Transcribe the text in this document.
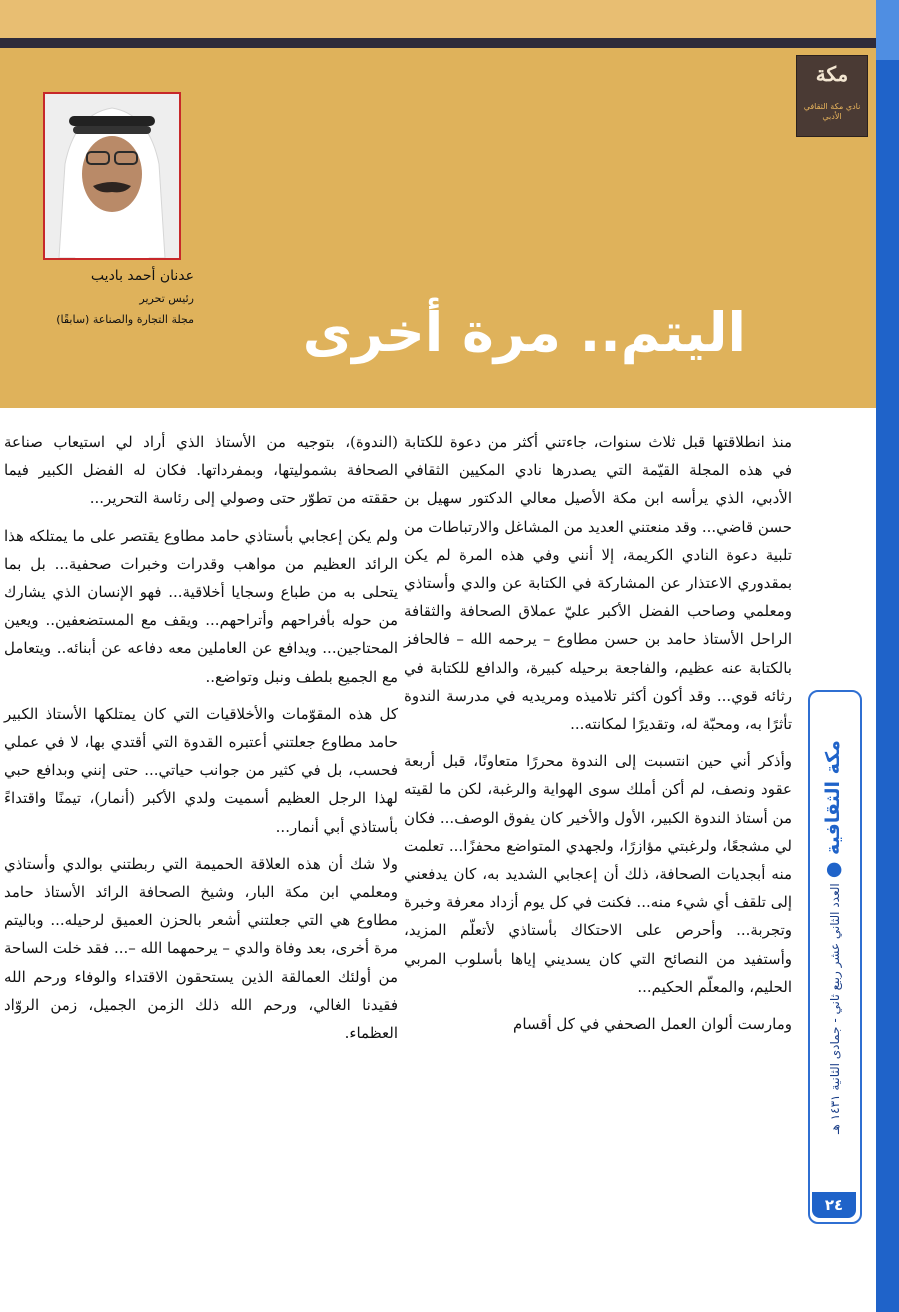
مكة
نادي مكة الثقافي الأدبي
عدنان أحمد باديب
رئيس تحرير
مجلة التجارة والصناعة (سابقًا)	اليتم.. مرة أخرى

منذ انطلاقتها قبل ثلاث سنوات، جاءتني أكثر من دعوة للكتابة في هذه المجلة القيّمة التي يصدرها نادي المكيين الثقافي الأدبي، الذي يرأسه ابن مكة الأصيل معالي الدكتور سهيل بن حسن قاضي... وقد منعتني العديد من المشاغل والارتباطات من تلبية دعوة النادي الكريمة، إلا أنني وفي هذه المرة لم يكن بمقدوري الاعتذار عن المشاركة في الكتابة عن والدي وأستاذي ومعلمي وصاحب الفضل الأكبر عليّ عملاق الصحافة والثقافة الراحل الأستاذ حامد بن حسن مطاوع – يرحمه الله – فالحافز بالكتابة عنه عظيم، والفاجعة برحيله كبيرة، والدافع للكتابة في رثائه قوي... وقد أكون أكثر تلاميذه ومريديه في مدرسة الندوة تأثرًا به، ومحبّة له، وتقديرًا لمكانته...

وأذكر أني حين انتسبت إلى الندوة محررًا متعاونًا، قبل أربعة عقود ونصف، لم أكن أملك سوى الهواية والرغبة، لكن ما لقيته من أستاذ الندوة الكبير، الأول والأخير كان يفوق الوصف... فكان لي مشجعًا، ولرغبتي مؤازرًا، ولجهدي المتواضع محفزًا... تعلمت منه أبجديات الصحافة، ذلك أن إعجابي الشديد به، كان يدفعني إلى تلقف أي شيء منه... فكنت في كل يوم أزداد معرفة وخبرة وتجربة... وأحرص على الاحتكاك بأستاذي لأتعلّم المزيد، وأستفيد من النصائح التي كان يسديني إياها بأسلوب المربي الحليم، والمعلّم الحكيم...

ومارست ألوان العمل الصحفي في كل أقسام

(الندوة)، بتوجيه من الأستاذ الذي أراد لي استيعاب صناعة الصحافة بشموليتها، وبمفرداتها. فكان له الفضل الكبير فيما حققته من تطوّر حتى وصولي إلى رئاسة التحرير...

ولم يكن إعجابي بأستاذي حامد مطاوع يقتصر على ما يمتلكه هذا الرائد العظيم من مواهب وقدرات وخبرات صحفية... بل بما يتحلى به من طباع وسجايا أخلاقية... فهو الإنسان الذي يشارك من حوله بأفراحهم وأتراحهم... ويقف مع المستضعفين.. ويعين المحتاجين... ويدافع عن العاملين معه دفاعه عن أبنائه.. ويتعامل مع الجميع بلطف ونبل وتواضع..

كل هذه المقوّمات والأخلاقيات التي كان يمتلكها الأستاذ الكبير حامد مطاوع جعلتني أعتبره القدوة التي أقتدي بها، لا في عملي فحسب، بل في كثير من جوانب حياتي... حتى إنني وبدافع حبي لهذا الرجل العظيم أسميت ولدي الأكبر (أنمار)، تيمنًا واقتداءً بأستاذي أبي أنمار...

ولا شك أن هذه العلاقة الحميمة التي ربطتني بوالدي وأستاذي ومعلمي ابن مكة البار، وشيخ الصحافة الرائد الأستاذ حامد مطاوع هي التي جعلتني أشعر بالحزن العميق لرحيله... وباليتم مرة أخرى، بعد وفاة والدي – يرحمهما الله –... فقد خلت الساحة من أولئك العمالقة الذين يستحقون الاقتداء والوفاء ورحم الله فقيدنا الغالي، ورحم الله ذلك الزمن الجميل، زمن الروّاد العظماء.

مكة الثقافية ● العدد الثاني عشر ربيع ثاني - جمادى الثانية ١٤٣١ هـ
٢٤
